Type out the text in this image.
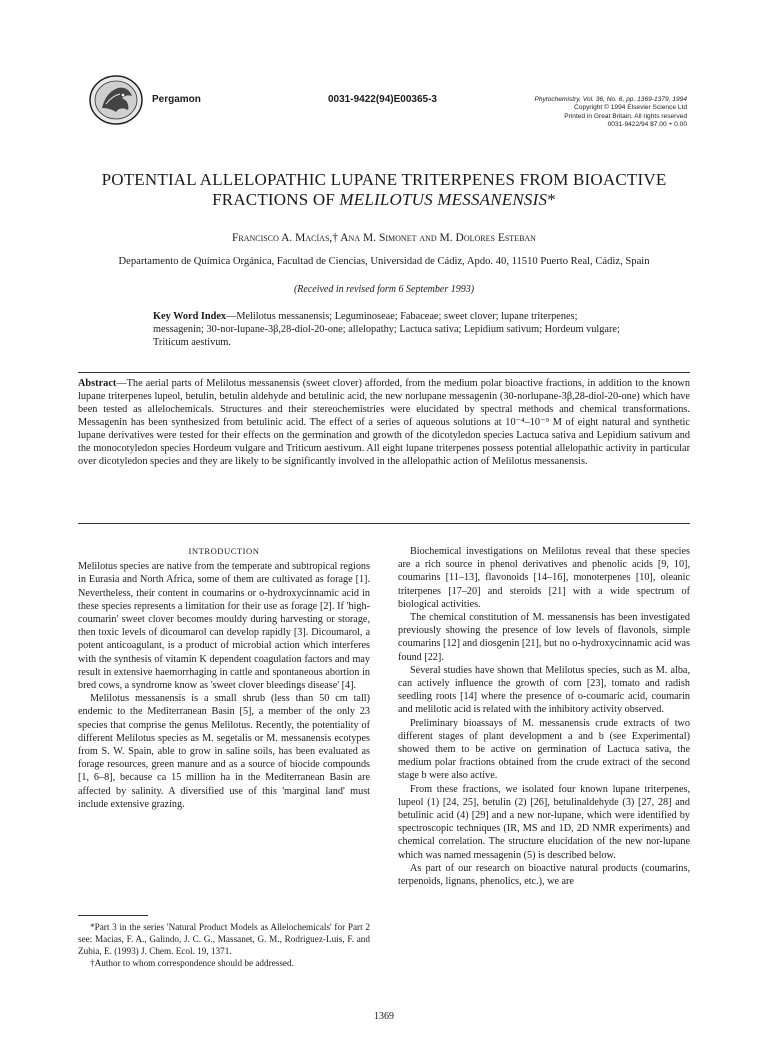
Pergamon	0031-9422(94)E00365-3	Phytochemistry, Vol. 36, No. 6, pp. 1369-1379, 1994
Copyright © 1994 Elsevier Science Ltd
Printed in Great Britain. All rights reserved
0031-9422/94 $7.00 + 0.00
POTENTIAL ALLELOPATHIC LUPANE TRITERPENES FROM BIOACTIVE
FRACTIONS OF MELILOTUS MESSANENSIS*
Francisco A. Macías,† Ana M. Simonet and M. Dolores Esteban
Departamento de Química Orgánica, Facultad de Ciencias, Universidad de Cádiz, Apdo. 40, 11510 Puerto Real, Cádiz, Spain
(Received in revised form 6 September 1993)
Key Word Index—Melilotus messanensis; Leguminoseae; Fabaceae; sweet clover; lupane triterpenes; messagenin; 30-nor-lupane-3β,28-diol-20-one; allelopathy; Lactuca sativa; Lepidium sativum; Hordeum vulgare; Triticum aestivum.
Abstract—The aerial parts of Melilotus messanensis (sweet clover) afforded, from the medium polar bioactive fractions, in addition to the known lupane triterpenes lupeol, betulin, betulin aldehyde and betulinic acid, the new norlupane messagenin (30-norlupane-3β,28-diol-20-one) which have been tested as allelochemicals. Structures and their stereochemistries were elucidated by spectral methods and chemical transformations. Messagenin has been synthesized from betulinic acid. The effect of a series of aqueous solutions at 10⁻⁴–10⁻⁹ M of eight natural and synthetic lupane derivatives were tested for their effects on the germination and growth of the dicotyledon species Lactuca sativa and Lepidium sativum and the monocotyledon species Hordeum vulgare and Triticum aestivum. All eight lupane triterpenes possess potential allelopathic activity in particular over dicotyledon species and they are likely to be significantly involved in the allelopathic action of Melilotus messanensis.
INTRODUCTION

Melilotus species are native from the temperate and subtropical regions in Eurasia and North Africa, some of them are cultivated as forage [1]. Nevertheless, their content in coumarins or o-hydroxycinnamic acid in these species represents a limitation for their use as forage [2]. If 'high-coumarin' sweet clover becomes mouldy during harvesting or storage, then toxic levels of dicoumarol can develop rapidly [3]. Dicoumarol, a potent anticoagulant, is a product of microbial action which interferes with the synthesis of vitamin K dependent coagulation factors and may result in extensive haemorrhaging in cattle and spontaneous abortion in bred cows, a syndrome know as 'sweet clover bleedings disease' [4].

Melilotus messanensis is a small shrub (less than 50 cm tall) endemic to the Mediterranean Basin [5], a member of the only 23 species that comprise the genus Melilotus. Recently, the potentiality of different Melilotus species as M. segetalis or M. messanensis ecotypes from S. W. Spain, able to grow in saline soils, has been evaluated as forage resources, green manure and as a source of biocide compounds [1, 6–8], because ca 15 million ha in the Mediterranean Basin are affected by salinity. A diversified use of this 'marginal land' must include extensive grazing.

Biochemical investigations on Melilotus reveal that these species are a rich source in phenol derivatives and phenolic acids [9, 10], coumarins [11–13], flavonoids [14–16], monoterpenes [10], oleanic triterpenes [17–20] and steroids [21] with a wide spectrum of biological activities.

The chemical constitution of M. messanensis has been investigated previously showing the presence of low levels of flavonols, simple coumarins [12] and diosgenin [21], but no o-hydroxycinnamic acid was found [22].

Several studies have shown that Melilotus species, such as M. alba, can actively influence the growth of corn [23], tomato and radish seedling roots [14] where the presence of o-coumaric acid, coumarin and melilotic acid is related with the inhibitory activity observed.

Preliminary bioassays of M. messanensis crude extracts of two different stages of plant development a and b (see Experimental) showed them to be active on germination of Lactuca sativa, the medium polar fractions obtained from the crude extract of the second stage b were also active.

From these fractions, we isolated four known lupane triterpenes, lupeol (1) [24, 25], betulin (2) [26], betulinaldehyde (3) [27, 28] and betulinic acid (4) [29] and a new nor-lupane, which were identified by spectroscopic techniques (IR, MS and 1D, 2D NMR experiments) and chemical correlation. The structure elucidation of the new nor-lupane which was named messagenin (5) is described below.

As part of our research on bioactive natural products (coumarins, terpenoids, lignans, phenolics, etc.), we are

*Part 3 in the series 'Natural Product Models as Allelochemicals' for Part 2 see: Macias, F. A., Galindo, J. C. G., Massanet, G. M., Rodriguez-Luis, F. and Zubia, E. (1993) J. Chem. Ecol. 19, 1371.

†Author to whom correspondence should be addressed.

1369
